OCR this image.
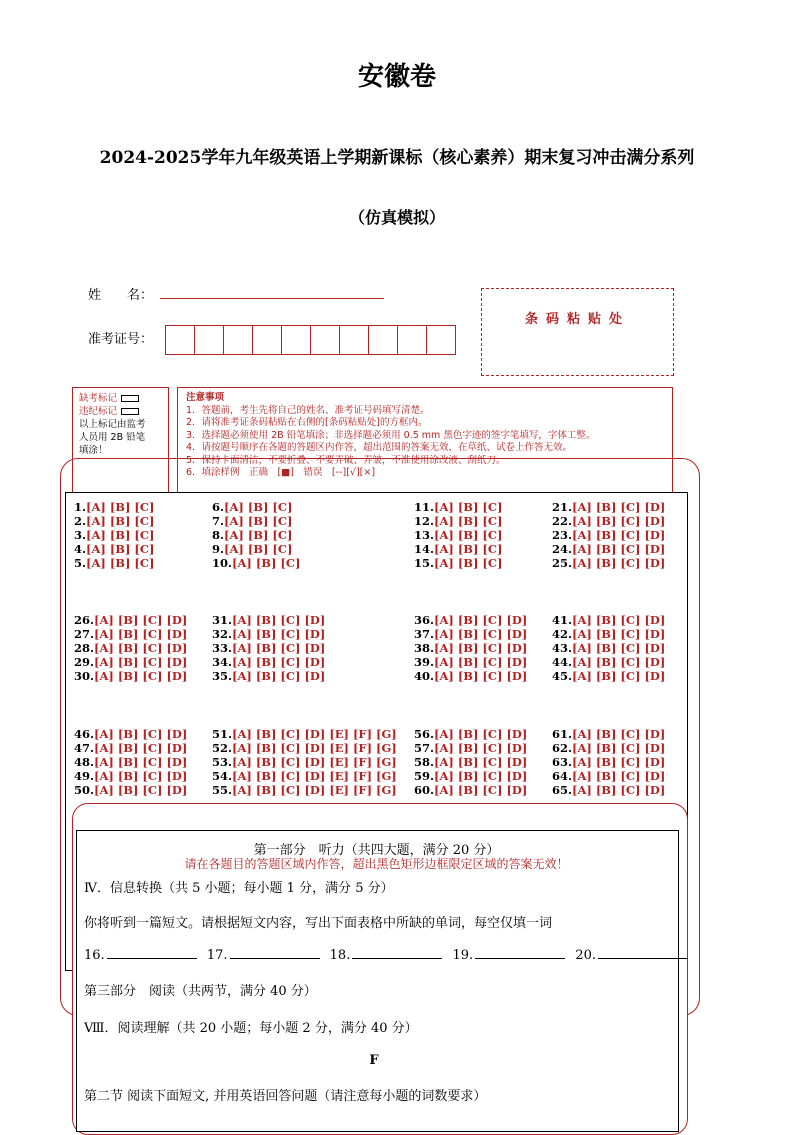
安徽卷
2024-2025学年九年级英语上学期新课标（核心素养）期末复习冲击满分系列
（仿真模拟）
姓　　名：
准考证号：
条码粘贴处
缺考标记
违纪标记
以上标记由监考
人员用 2B 铅笔
填涂！
注意事项
1．答题前，考生先将自己的姓名、准考证号码填写清楚。
2．请将准考证条码粘贴在右侧的[条码粘贴处]的方框内。
3．选择题必须使用 2B 铅笔填涂；非选择题必须用 0.5 mm 黑色字迹的签字笔填写，字体工整。
4．请按题号顺序在各题的答题区内作答，超出范围的答案无效，在草纸、试卷上作答无效。
5．保持卡面清洁，不要折叠、不要弄破、弄皱，不准使用涂改液、刮纸刀。
6．填涂样例　正确　[■]　错误　[--][√][×]
1.[A] [B] [C]
2.[A] [B] [C]
3.[A] [B] [C]
4.[A] [B] [C]
5.[A] [B] [C]
6.[A] [B] [C]
7.[A] [B] [C]
8.[A] [B] [C]
9.[A] [B] [C]
10.[A] [B] [C]
11.[A] [B] [C]
12.[A] [B] [C]
13.[A] [B] [C]
14.[A] [B] [C]
15.[A] [B] [C]
21.[A] [B] [C] [D]
22.[A] [B] [C] [D]
23.[A] [B] [C] [D]
24.[A] [B] [C] [D]
25.[A] [B] [C] [D]
26.[A] [B] [C] [D]
27.[A] [B] [C] [D]
28.[A] [B] [C] [D]
29.[A] [B] [C] [D]
30.[A] [B] [C] [D]
31.[A] [B] [C] [D]
32.[A] [B] [C] [D]
33.[A] [B] [C] [D]
34.[A] [B] [C] [D]
35.[A] [B] [C] [D]
36.[A] [B] [C] [D]
37.[A] [B] [C] [D]
38.[A] [B] [C] [D]
39.[A] [B] [C] [D]
40.[A] [B] [C] [D]
41.[A] [B] [C] [D]
42.[A] [B] [C] [D]
43.[A] [B] [C] [D]
44.[A] [B] [C] [D]
45.[A] [B] [C] [D]
46.[A] [B] [C] [D]
47.[A] [B] [C] [D]
48.[A] [B] [C] [D]
49.[A] [B] [C] [D]
50.[A] [B] [C] [D]
51.[A] [B] [C] [D] [E] [F] [G]
52.[A] [B] [C] [D] [E] [F] [G]
53.[A] [B] [C] [D] [E] [F] [G]
54.[A] [B] [C] [D] [E] [F] [G]
55.[A] [B] [C] [D] [E] [F] [G]
56.[A] [B] [C] [D]
57.[A] [B] [C] [D]
58.[A] [B] [C] [D]
59.[A] [B] [C] [D]
60.[A] [B] [C] [D]
61.[A] [B] [C] [D]
62.[A] [B] [C] [D]
63.[A] [B] [C] [D]
64.[A] [B] [C] [D]
65.[A] [B] [C] [D]
第一部分　听力（共四大题，满分 20 分）
请在各题目的答题区域内作答，超出黑色矩形边框限定区域的答案无效！
Ⅳ．信息转换（共 5 小题；每小题 1 分，满分 5 分）
你将听到一篇短文。请根据短文内容，写出下面表格中所缺的单词，每空仅填一词
16.	17.	18.	19.	20.
第三部分　阅读（共两节，满分 40 分）
Ⅷ．阅读理解（共 20 小题；每小题 2 分，满分 40 分）
F
第二节 阅读下面短文, 并用英语回答问题（请注意每小题的词数要求）
